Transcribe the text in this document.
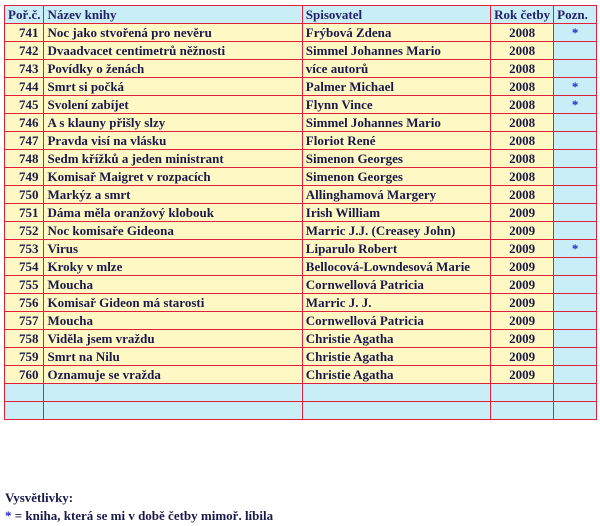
Poř.č.	Název knihy	Spisovatel	Rok četby	Pozn.
741	Noc jako stvořená pro nevěru	Frýbová Zdena	2008	*
742	Dvaadvacet centimetrů něžnosti	Simmel Johannes Mario	2008	
743	Povídky o ženách	více autorů	2008	
744	Smrt si počká	Palmer Michael	2008	*
745	Svolení zabíjet	Flynn Vince	2008	*
746	A s klauny přišly slzy	Simmel Johannes Mario	2008	
747	Pravda visí na vlásku	Floriot René	2008	
748	Sedm křížků a jeden ministrant	Simenon Georges	2008	
749	Komisař Maigret v rozpacích	Simenon Georges	2008	
750	Markýz a smrt	Allinghamová Margery	2008	
751	Dáma měla oranžový klobouk	Irish William	2009	
752	Noc komisaře Gideona	Marric J.J. (Creasey John)	2009	
753	Virus	Liparulo Robert	2009	*
754	Kroky v mlze	Bellocová-Lowndesová Marie	2009	
755	Moucha	Cornwellová Patricia	2009	
756	Komisař Gideon má starosti	Marric J. J.	2009	
757	Moucha	Cornwellová Patricia	2009	
758	Viděla jsem vraždu	Christie Agatha	2009	
759	Smrt na Nilu	Christie Agatha	2009	
760	Oznamuje se vražda	Christie Agatha	2009	

Vysvětlivky:
* = kniha, která se mi v době četby mimoř. líbila
